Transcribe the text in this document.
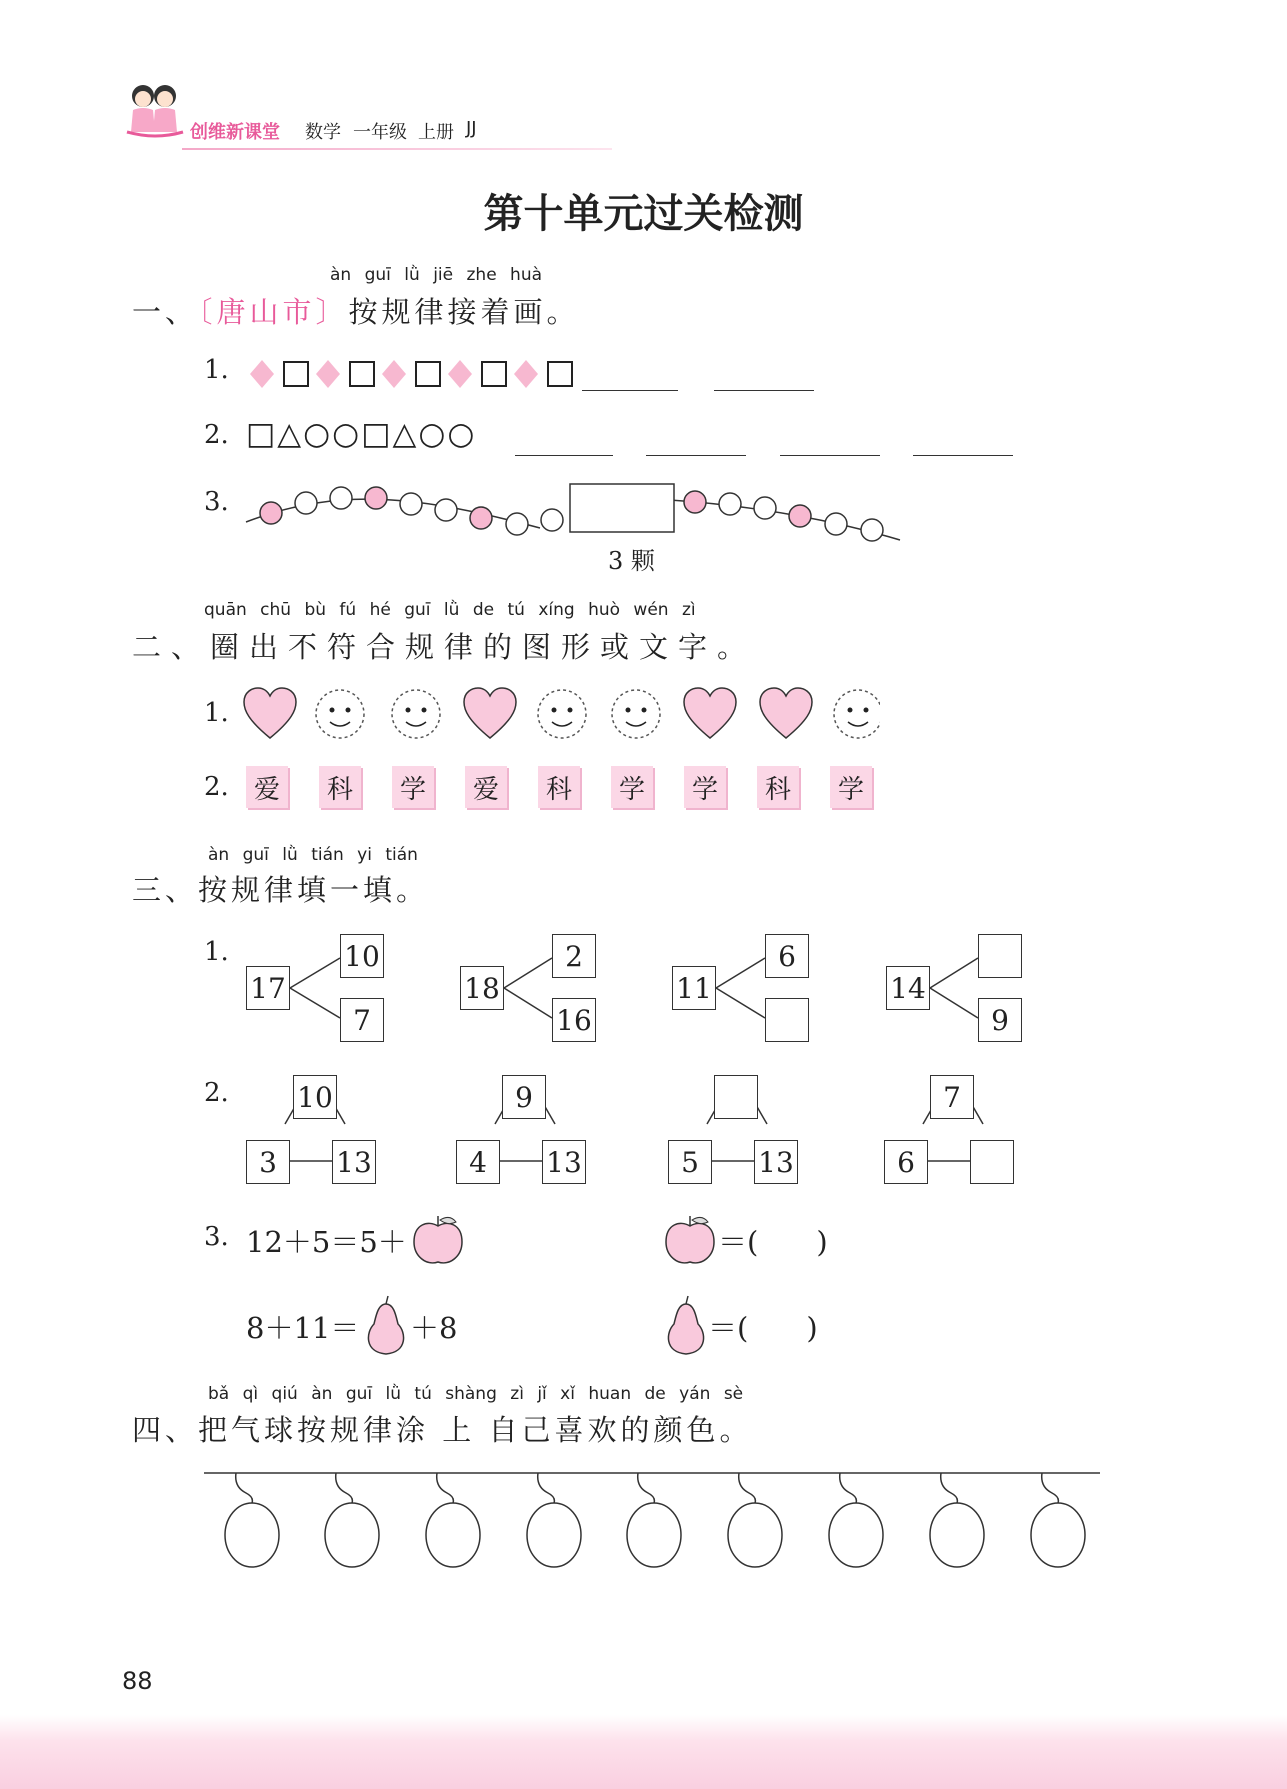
创维新课堂 数学 一年级 上册 JJ
第十单元过关检测
àn guī lǜ jiē zhe huà
一、〔唐山市〕按规律接着画。
1.
2. □△○○□△○○
3.
3 颗
quān chū bù fú hé guī lǜ de tú xíng huò wén zì
二、圈出不符合规律的图形或文字。
1.
2. 爱	科	学	爱	科	学	学	科	学
àn guī lǜ tián yi tián
三、按规律填一填。
1.
17
10
7
18
2
16
11
6
14
9
2. 10
3	13
9
4	13	5	13
7
6
3. 12＋5＝5＋	＝(　　)
8＋11＝ ＋8	＝(　　)
bǎ qì qiú àn guī lǜ tú shàng zì jǐ xǐ huan de yán sè
四、把气球按规律涂 上 自己喜欢的颜色。
88
